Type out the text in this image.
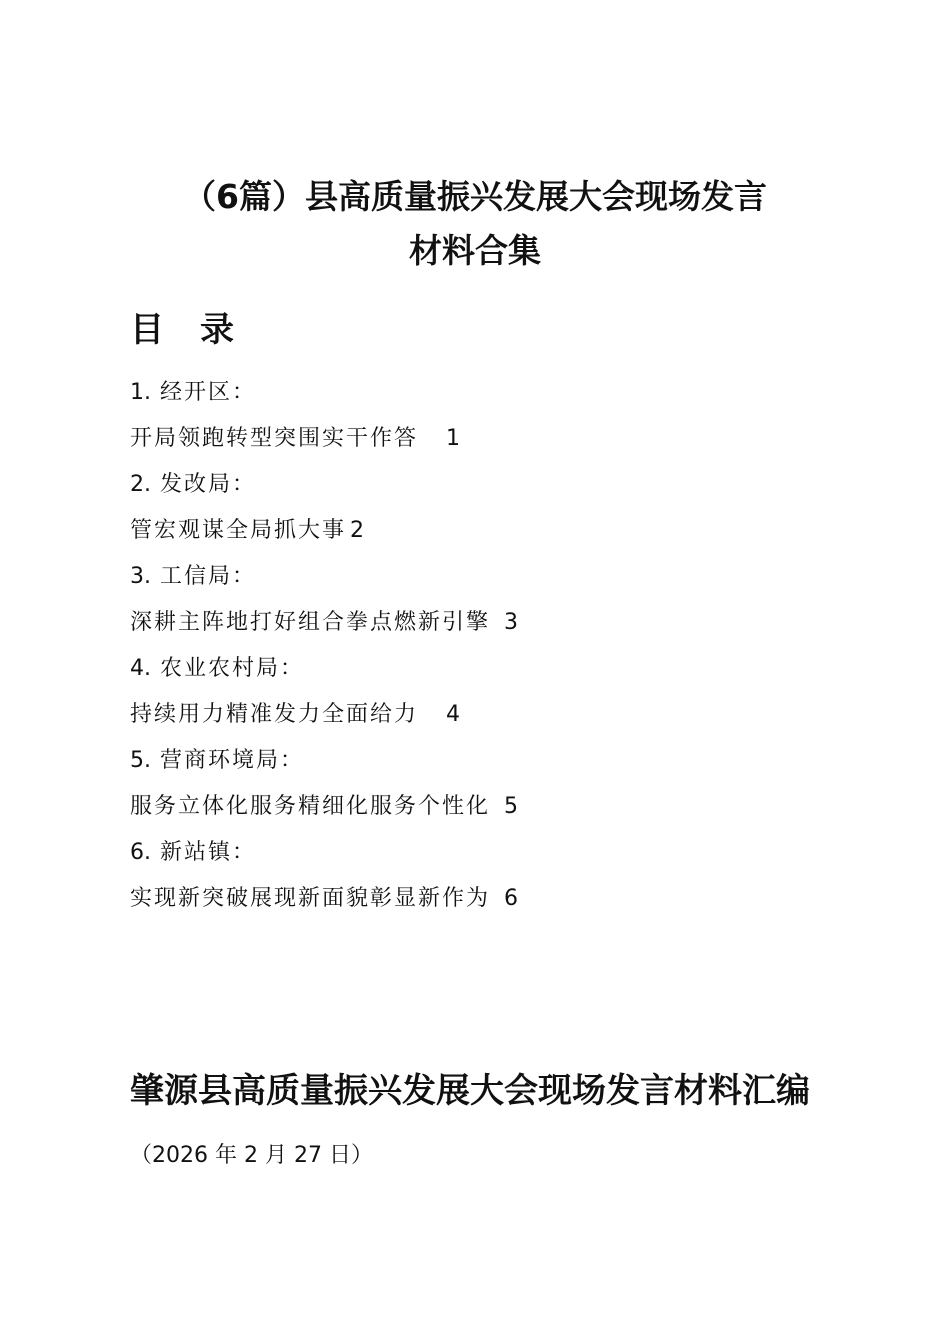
（6篇）县高质量振兴发展大会现场发言
材料合集
目 录
1. 经开区：
开局领跑转型突围实干作答 1
2. 发改局：
管宏观谋全局抓大事 2
3. 工信局：
深耕主阵地打好组合拳点燃新引擎 3
4. 农业农村局：
持续用力精准发力全面给力 4
5. 营商环境局：
服务立体化服务精细化服务个性化 5
6. 新站镇：
实现新突破展现新面貌彰显新作为 6
肇源县高质量振兴发展大会现场发言材料汇编
（2026 年 2 月 27 日）
